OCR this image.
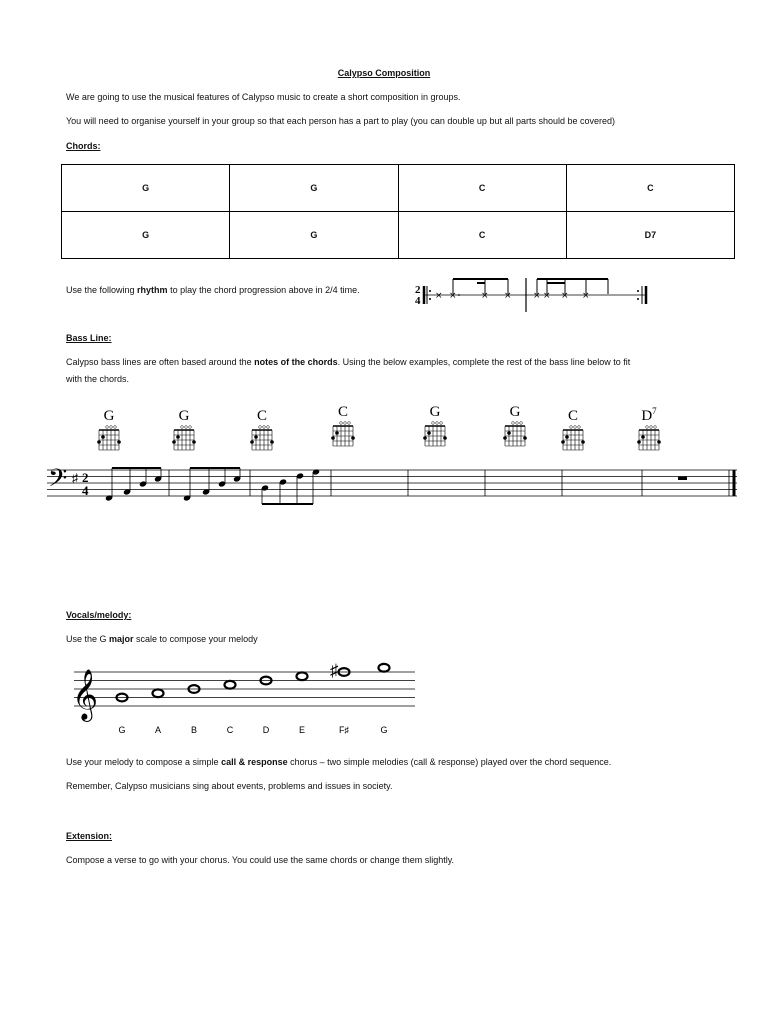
Calypso Composition
We are going to use the musical features of Calypso music to create a short composition in groups.
You will need to organise yourself in your group so that each person has a part to play (you can double up but all parts should be covered)
Chords:
G	G	C	C
G	G	C	D7
Use the following rhythm to play the chord progression above in 2/4 time.	2
4 × ×	× × × × × ×
Bass Line:
Calypso bass lines are often based around the notes of the chords. Using the below examples, complete the rest of the bass line below to fit
with the chords.
G	G	C	C	G	G	C	$D^7$
𝄢 ♯ 2
4
Vocals/melody:
Use the G major scale to compose your melody
𝄞
G	A	B	C	D	E	F♯	G
♯
Use your melody to compose a simple call & response chorus – two simple melodies (call & response) played over the chord sequence.
Remember, Calypso musicians sing about events, problems and issues in society.
Extension:
Compose a verse to go with your chorus. You could use the same chords or change them slightly.
